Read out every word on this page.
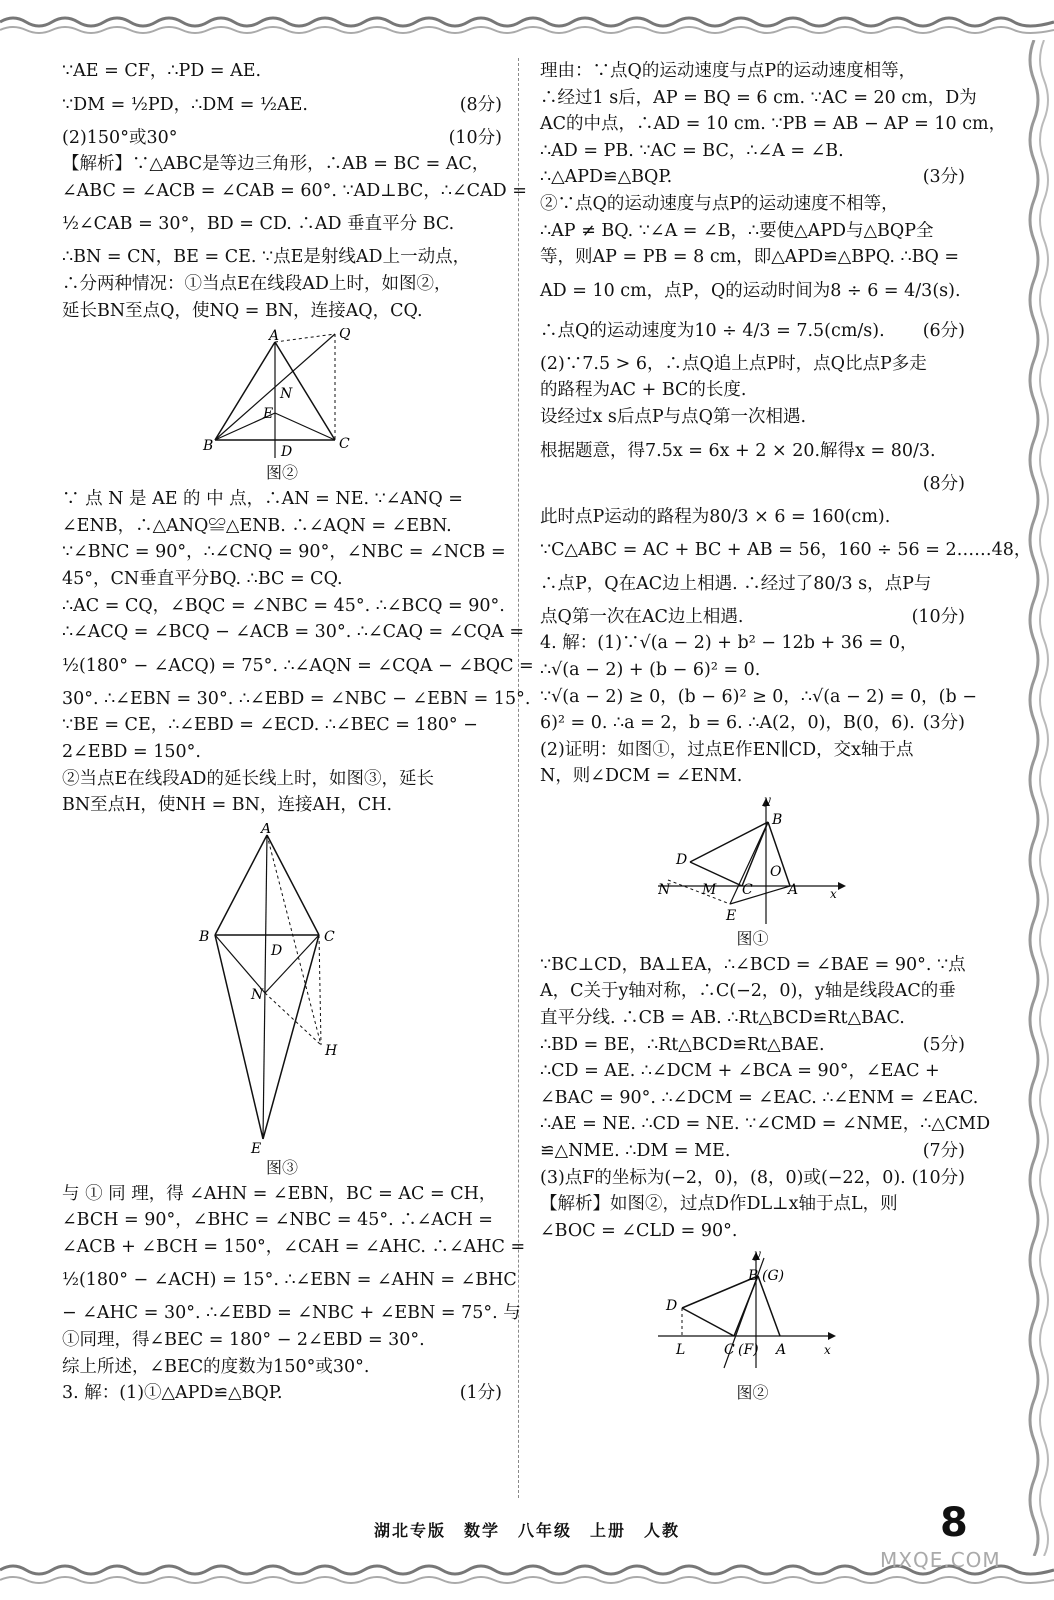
∵AE = CF，∴PD = AE.
∵DM = ½PD，∴DM = ½AE.	(8分)
(2)150°或30°	(10分)
【解析】∵△ABC是等边三角形，∴AB = BC = AC，
∠ABC = ∠ACB = ∠CAB = 60°. ∵AD⊥BC，∴∠CAD =
½∠CAB = 30°，BD = CD. ∴AD 垂直平分 BC.
∴BN = CN，BE = CE. ∵点E是射线AD上一动点，
∴分两种情况：①当点E在线段AD上时，如图②，
延长BN至点Q，使NQ = BN，连接AQ，CQ.
A	Q
N
E
B	C
D
图②
∵ 点 N 是 AE 的 中 点，∴AN = NE. ∵∠ANQ =
∠ENB，∴△ANQ≌△ENB. ∴∠AQN = ∠EBN.
∵∠BNC = 90°，∴∠CNQ = 90°，∠NBC = ∠NCB =
45°，CN垂直平分BQ. ∴BC = CQ.
∴AC = CQ，∠BQC = ∠NBC = 45°. ∴∠BCQ = 90°.
∴∠ACQ = ∠BCQ − ∠ACB = 30°. ∴∠CAQ = ∠CQA =
½(180° − ∠ACQ) = 75°. ∴∠AQN = ∠CQA − ∠BQC =
30°. ∴∠EBN = 30°. ∴∠EBD = ∠NBC − ∠EBN = 15°.
∵BE = CE，∴∠EBD = ∠ECD. ∴∠BEC = 180° −
2∠EBD = 150°.
②当点E在线段AD的延长线上时，如图③，延长
BN至点H，使NH = BN，连接AH，CH.
A
B	C
D
N
H
E
图③
与 ① 同 理，得 ∠AHN = ∠EBN，BC = AC = CH，
∠BCH = 90°，∠BHC = ∠NBC = 45°. ∴∠ACH =
∠ACB + ∠BCH = 150°，∠CAH = ∠AHC. ∴∠AHC =
½(180° − ∠ACH) = 15°. ∴∠EBN = ∠AHN = ∠BHC
− ∠AHC = 30°. ∴∠EBD = ∠NBC + ∠EBN = 75°. 与
①同理，得∠BEC = 180° − 2∠EBD = 30°.
综上所述，∠BEC的度数为150°或30°.
3. 解：(1)①△APD≌△BQP.	(1分)
理由：∵点Q的运动速度与点P的运动速度相等，
∴经过1 s后，AP = BQ = 6 cm. ∵AC = 20 cm，D为
AC的中点，∴AD = 10 cm. ∵PB = AB − AP = 10 cm，
∴AD = PB. ∵AC = BC，∴∠A = ∠B.
∴△APD≌△BQP.	(3分)
②∵点Q的运动速度与点P的运动速度不相等，
∴AP ≠ BQ. ∵∠A = ∠B，∴要使△APD与△BQP全
等，则AP = PB = 8 cm，即△APD≌△BPQ. ∴BQ =
AD = 10 cm，点P，Q的运动时间为8 ÷ 6 = 4/3(s).
∴点Q的运动速度为10 ÷ 4/3 = 7.5(cm/s). (6分)
(2)∵7.5 > 6，∴点Q追上点P时，点Q比点P多走
的路程为AC + BC的长度.
设经过x s后点P与点Q第一次相遇.
根据题意，得7.5x = 6x + 2 × 20.解得x = 80/3.
(8分)
此时点P运动的路程为80/3 × 6 = 160(cm).
∵C△ABC = AC + BC + AB = 56，160 ÷ 56 = 2……48，
∴点P，Q在AC边上相遇. ∴经过了80/3 s，点P与
点Q第一次在AC边上相遇.	(10分)
4. 解：(1)∵√(a − 2) + b² − 12b + 36 = 0，
∴√(a − 2) + (b − 6)² = 0.
∵√(a − 2) ≥ 0，(b − 6)² ≥ 0，∴√(a − 2) = 0，(b −
6)² = 0. ∴a = 2，b = 6. ∴A(2，0)，B(0，6). (3分)
(2)证明：如图①，过点E作EN∥CD，交x轴于点
N，则∠DCM = ∠ENM.
y
B
D
O
N M C	A	x
E
图①
∵BC⊥CD，BA⊥EA，∴∠BCD = ∠BAE = 90°. ∵点
A，C关于y轴对称，∴C(−2，0)，y轴是线段AC的垂
直平分线. ∴CB = AB. ∴Rt△BCD≌Rt△BAC.
∴BD = BE，∴Rt△BCD≌Rt△BAE.	(5分)
∴CD = AE. ∴∠DCM + ∠BCA = 90°，∠EAC +
∠BAC = 90°. ∴∠DCM = ∠EAC. ∴∠ENM = ∠EAC.
∴AE = NE. ∴CD = NE. ∵∠CMD = ∠NME，∴△CMD
≌△NME. ∴DM = ME.	(7分)
(3)点F的坐标为(−2，0)，(8，0)或(−22，0). (10分)
【解析】如图②，过点D作DL⊥x轴于点L，则
∠BOC = ∠CLD = 90°.
y
B (G)
D
L	C (F) A	x
图②
湖北专版　数学　八年级　上册　人教	8
MXQE.COM
